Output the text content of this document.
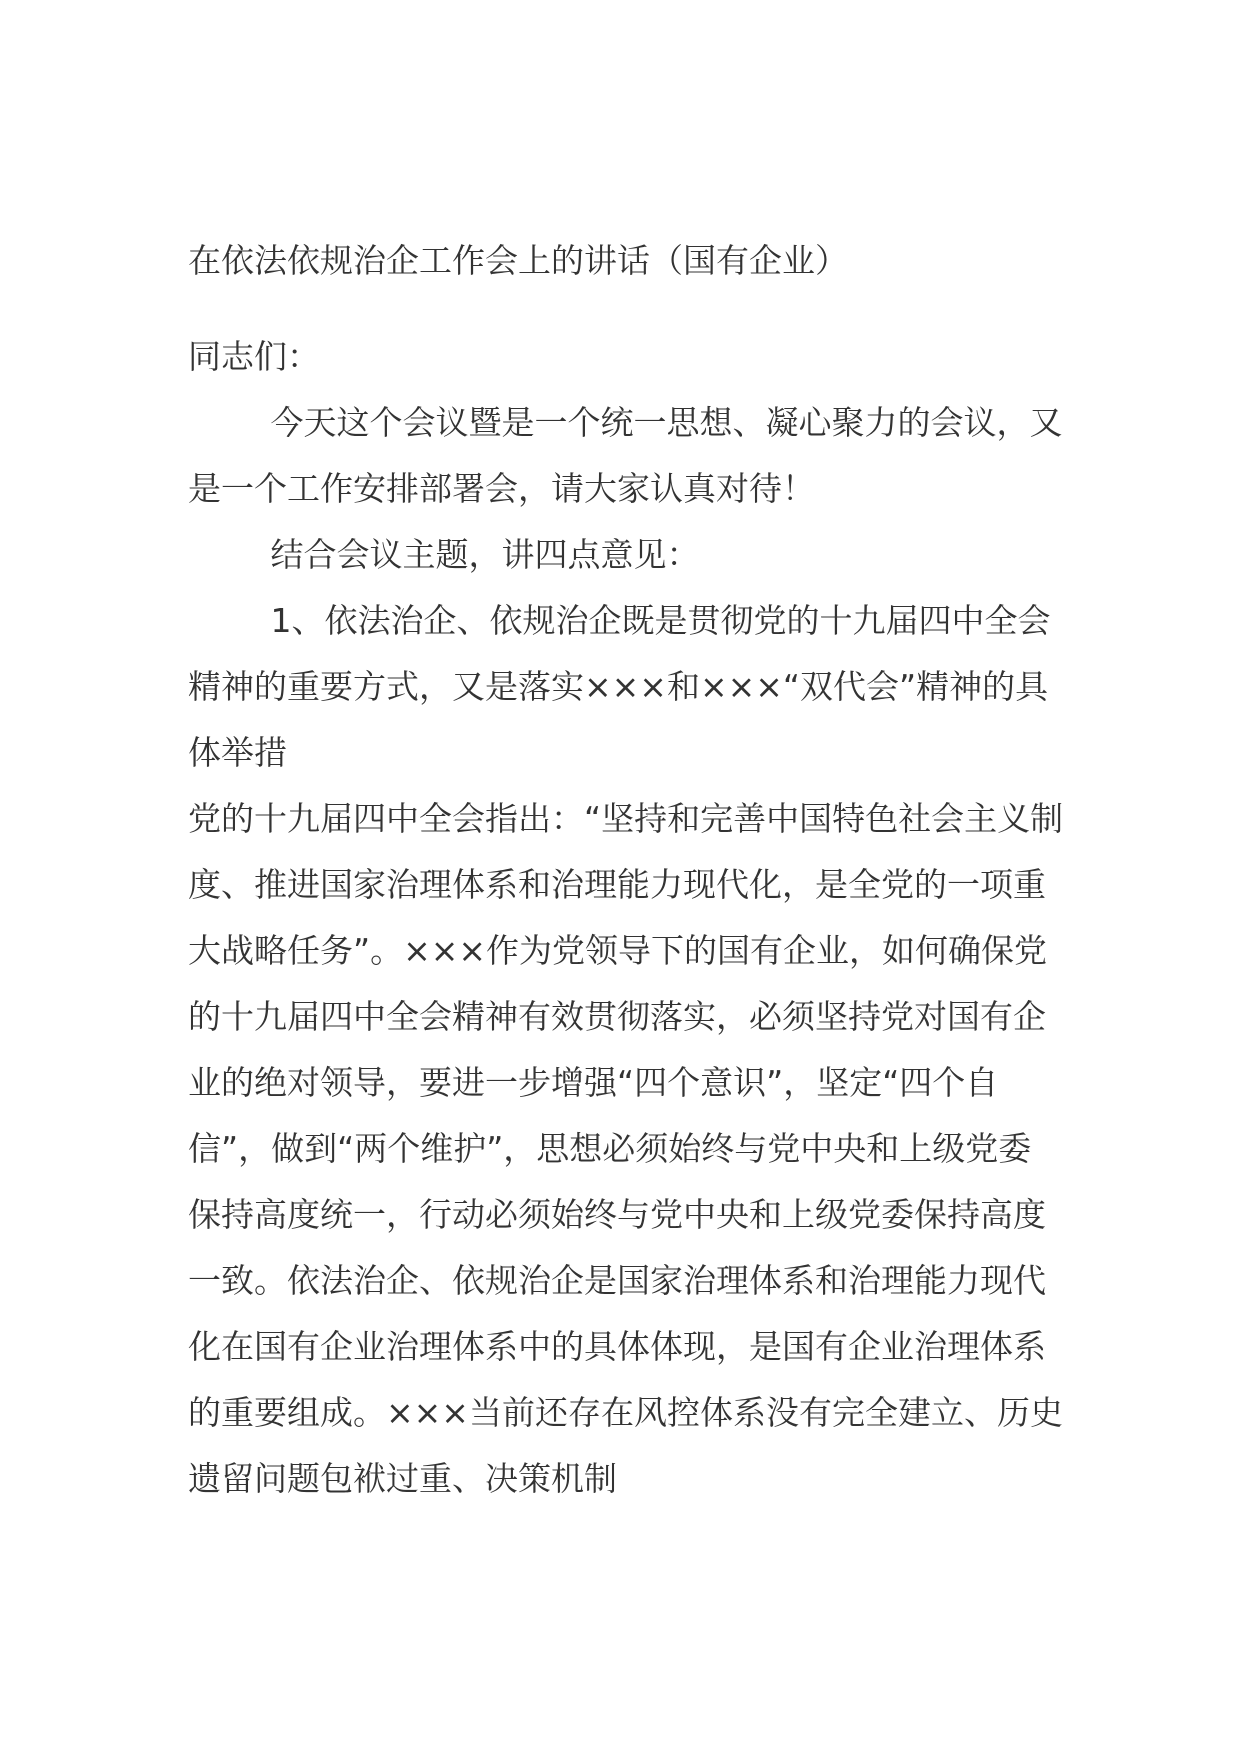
在依法依规治企工作会上的讲话（国有企业）

同志们：

今天这个会议暨是一个统一思想、凝心聚力的会议，又是一个工作安排部署会，请大家认真对待！

结合会议主题，讲四点意见：

1、依法治企、依规治企既是贯彻党的十九届四中全会精神的重要方式，又是落实×××和×××“双代会”精神的具体举措

党的十九届四中全会指出：“坚持和完善中国特色社会主义制度、推进国家治理体系和治理能力现代化，是全党的一项重大战略任务”。×××作为党领导下的国有企业，如何确保党的十九届四中全会精神有效贯彻落实，必须坚持党对国有企业的绝对领导，要进一步增强“四个意识”，坚定“四个自信”，做到“两个维护”，思想必须始终与党中央和上级党委保持高度统一，行动必须始终与党中央和上级党委保持高度一致。依法治企、依规治企是国家治理体系和治理能力现代化在国有企业治理体系中的具体体现，是国有企业治理体系的重要组成。×××当前还存在风控体系没有完全建立、历史遗留问题包袱过重、决策机制
